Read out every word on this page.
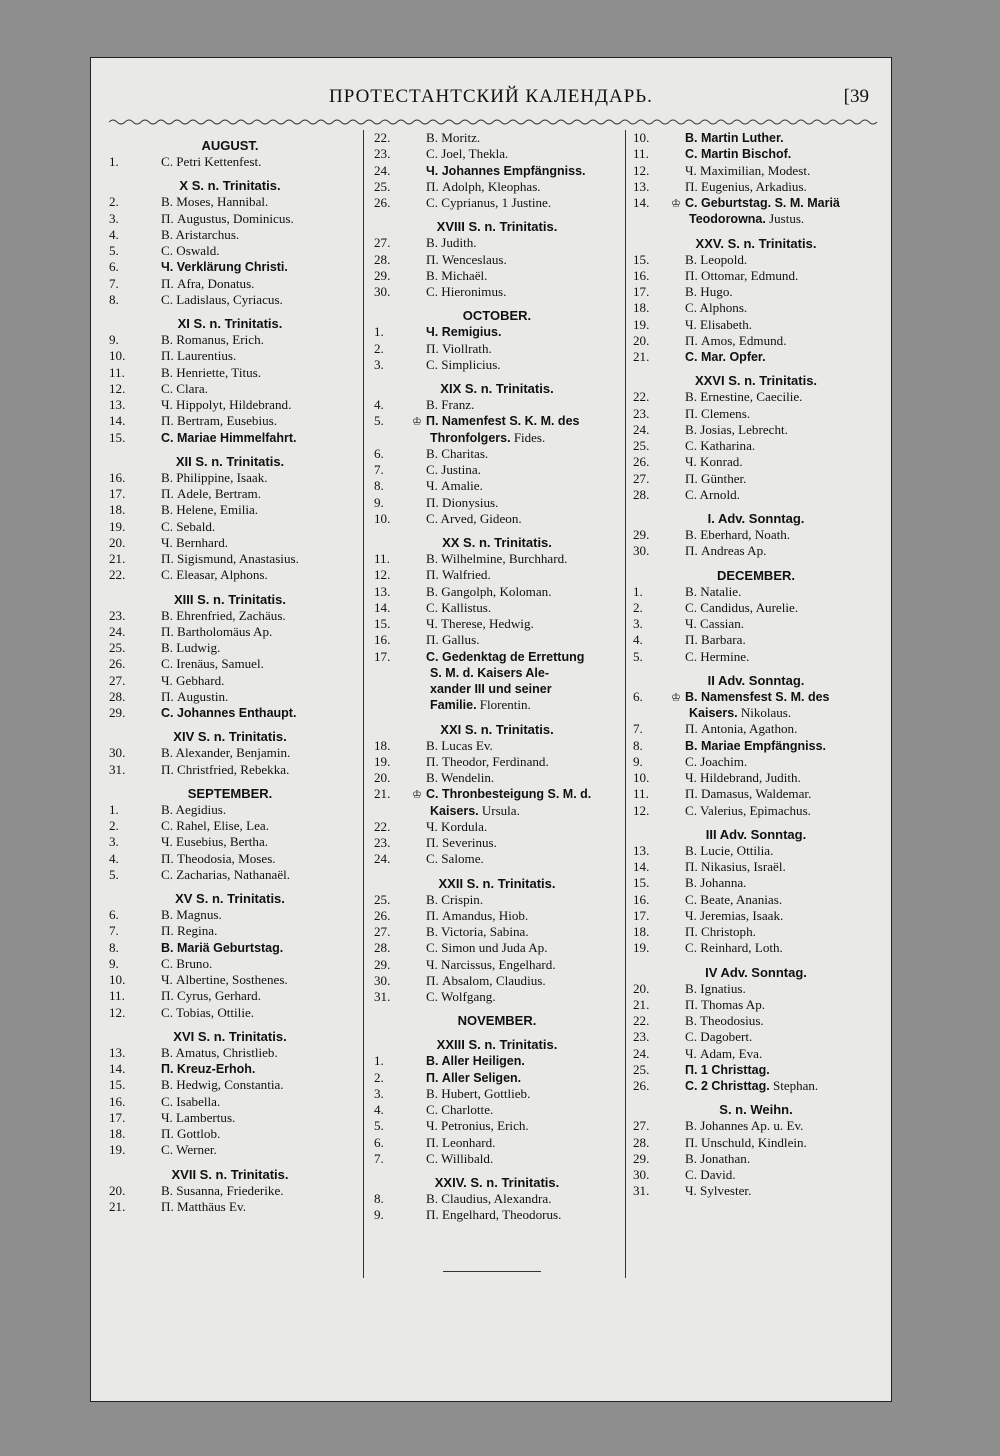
ПРОТЕСТАНТСКИЙ КАЛЕНДАРЬ.	[39
AUGUST.
1.	C. Petri Kettenfest.
X S. n. Trinitatis.
2.	B. Moses, Hannibal.
3.	П. Augustus, Dominicus.
4.	B. Aristarchus.
5.	C. Oswald.
6.	Ч. Verklärung Christi.
7.	П. Afra, Donatus.
8.	C. Ladislaus, Cyriacus.
XI S. n. Trinitatis.
9.	B. Romanus, Erich.
10.	П. Laurentius.
11.	B. Henriette, Titus.
12.	C. Clara.
13.	Ч. Hippolyt, Hildebrand.
14.	П. Bertram, Eusebius.
15.	C. Mariae Himmelfahrt.
XII S. n. Trinitatis.
16.	B. Philippine, Isaak.
17.	П. Adele, Bertram.
18.	B. Helene, Emilia.
19.	C. Sebald.
20.	Ч. Bernhard.
21.	П. Sigismund, Anastasius.
22.	C. Eleasar, Alphons.
XIII S. n. Trinitatis.
23.	B. Ehrenfried, Zachäus.
24.	П. Bartholomäus Ap.
25.	B. Ludwig.
26.	C. Irenäus, Samuel.
27.	Ч. Gebhard.
28.	П. Augustin.
29.	C. Johannes Enthaupt.
XIV S. n. Trinitatis.
30.	B. Alexander, Benjamin.
31.	П. Christfried, Rebekka.
SEPTEMBER.
1.	B. Aegidius.
2.	C. Rahel, Elise, Lea.
3.	Ч. Eusebius, Bertha.
4.	П. Theodosia, Moses.
5.	C. Zacharias, Nathanaël.
XV S. n. Trinitatis.
6.	B. Magnus.
7.	П. Regina.
8.	B. Mariä Geburtstag.
9.	C. Bruno.
10.	Ч. Albertine, Sosthenes.
11.	П. Cyrus, Gerhard.
12.	C. Tobias, Ottilie.
XVI S. n. Trinitatis.
13.	B. Amatus, Christlieb.
14.	П. Kreuz-Erhoh.
15.	B. Hedwig, Constantia.
16.	C. Isabella.
17.	Ч. Lambertus.
18.	П. Gottlob.
19.	C. Werner.
XVII S. n. Trinitatis.
20.	B. Susanna, Friederike.
21.	П. Matthäus Ev.
22.	B. Moritz.
23.	C. Joel, Thekla.
24.	Ч. Johannes Empfängniss.
25.	П. Adolph, Kleophas.
26.	C. Cyprianus, 1 Justine.
XVIII S. n. Trinitatis.
27.	B. Judith.
28.	П. Wenceslaus.
29.	B. Michaël.
30.	C. Hieronimus.
OCTOBER.
1.	Ч. Remigius.
2.	П. Viollrath.
3.	C. Simplicius.
XIX S. n. Trinitatis.
4.	B. Franz.
5.	♔ П. Namenfest S. K. M. des
Thronfolgers. Fides.
6.	B. Charitas.
7.	C. Justina.
8.	Ч. Amalie.
9.	П. Dionysius.
10.	C. Arved, Gideon.
XX S. n. Trinitatis.
11.	B. Wilhelmine, Burchhard.
12.	П. Walfried.
13.	B. Gangolph, Koloman.
14.	C. Kallistus.
15.	Ч. Therese, Hedwig.
16.	П. Gallus.
17.	C. Gedenktag de Errettung
S. M. d. Kaisers Ale-
xander III und seiner
Familie. Florentin.
XXI S. n. Trinitatis.
18.	B. Lucas Ev.
19.	П. Theodor, Ferdinand.
20.	B. Wendelin.
21. ♔ C. Thronbesteigung S. M. d.
Kaisers. Ursula.
22.	Ч. Kordula.
23.	П. Severinus.
24.	C. Salome.
XXII S. n. Trinitatis.
25.	B. Crispin.
26.	П. Amandus, Hiob.
27.	B. Victoria, Sabina.
28.	C. Simon und Juda Ap.
29.	Ч. Narcissus, Engelhard.
30.	П. Absalom, Claudius.
31.	C. Wolfgang.
NOVEMBER.
XXIII S. n. Trinitatis.
1.	B. Aller Heiligen.
2.	П. Aller Seligen.
3.	B. Hubert, Gottlieb.
4.	C. Charlotte.
5.	Ч. Petronius, Erich.
6.	П. Leonhard.
7.	C. Willibald.
XXIV. S. n. Trinitatis.
8.	B. Claudius, Alexandra.
9.	П. Engelhard, Theodorus.
10.	B. Martin Luther.
11.	C. Martin Bischof.
12.	Ч. Maximilian, Modest.
13.	П. Eugenius, Arkadius.
14. ♔ C. Geburtstag. S. M. Mariä
Teodorowna. Justus.
XXV. S. n. Trinitatis.
15.	B. Leopold.
16.	П. Ottomar, Edmund.
17.	B. Hugo.
18.	C. Alphons.
19.	Ч. Elisabeth.
20.	П. Amos, Edmund.
21.	C. Mar. Opfer.
XXVI S. n. Trinitatis.
22.	B. Ernestine, Caecilie.
23.	П. Clemens.
24.	B. Josias, Lebrecht.
25.	C. Katharina.
26.	Ч. Konrad.
27.	П. Günther.
28.	C. Arnold.
I. Adv. Sonntag.
29.	B. Eberhard, Noath.
30.	П. Andreas Ap.
DECEMBER.
1.	B. Natalie.
2.	C. Candidus, Aurelie.
3.	Ч. Cassian.
4.	П. Barbara.
5.	C. Hermine.
II Adv. Sonntag.
6.	♔ B. Namensfest S. M. des
Kaisers. Nikolaus.
7.	П. Antonia, Agathon.
8.	B. Mariae Empfängniss.
9.	C. Joachim.
10.	Ч. Hildebrand, Judith.
11.	П. Damasus, Waldemar.
12.	C. Valerius, Epimachus.
III Adv. Sonntag.
13.	B. Lucie, Ottilia.
14.	П. Nikasius, Israël.
15.	B. Johanna.
16.	C. Beate, Ananias.
17.	Ч. Jeremias, Isaak.
18.	П. Christoph.
19.	C. Reinhard, Loth.
IV Adv. Sonntag.
20.	B. Ignatius.
21.	П. Thomas Ap.
22.	B. Theodosius.
23.	C. Dagobert.
24.	Ч. Adam, Eva.
25.	П. 1 Christtag.
26.	C. 2 Christtag. Stephan.
S. n. Weihn.
27.	B. Johannes Ap. u. Ev.
28.	П. Unschuld, Kindlein.
29.	B. Jonathan.
30.	C. David.
31.	Ч. Sylvester.
